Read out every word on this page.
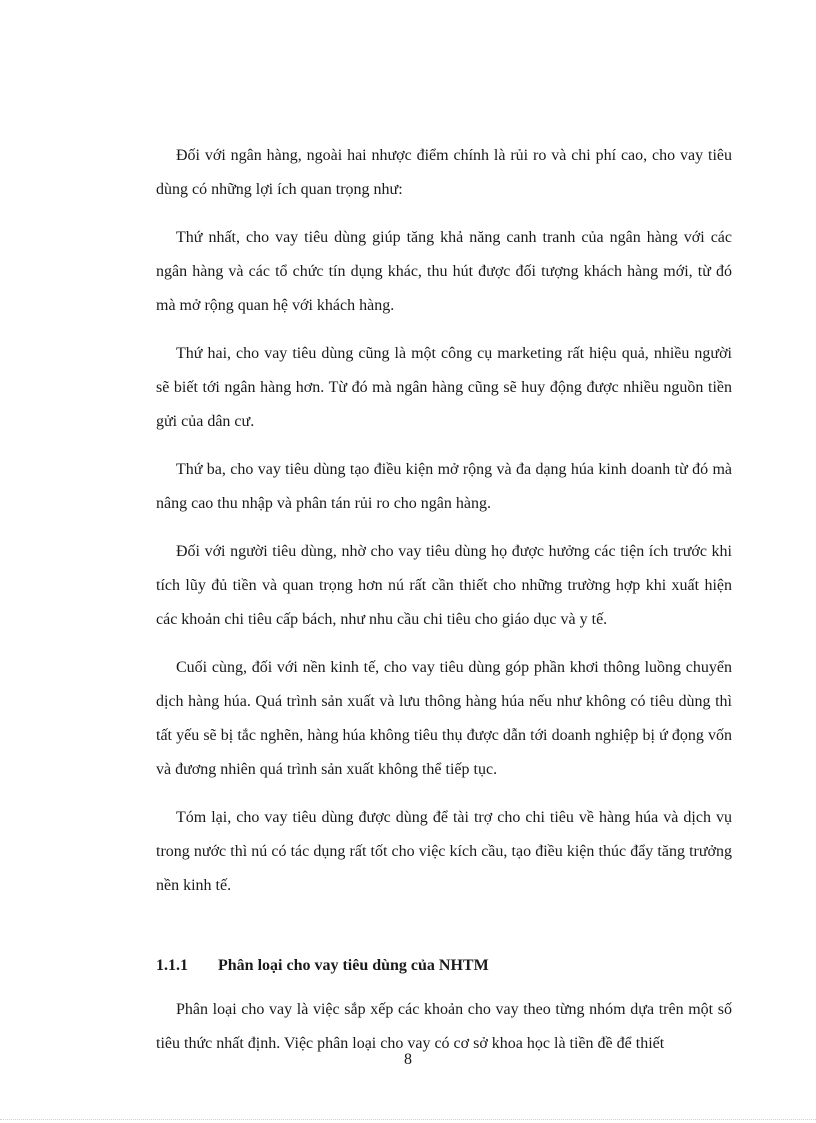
Đối với ngân hàng, ngoài hai nhược điểm chính là rủi ro và chi phí cao, cho vay tiêu dùng có những lợi ích quan trọng như:

Thứ nhất, cho vay tiêu dùng giúp tăng khả năng canh tranh của ngân hàng với các ngân hàng và các tổ chức tín dụng khác, thu hút được đối tượng khách hàng mới, từ đó mà mở rộng quan hệ với khách hàng.

Thứ hai, cho vay tiêu dùng cũng là một công cụ marketing rất hiệu quả, nhiều người sẽ biết tới ngân hàng hơn. Từ đó mà ngân hàng cũng sẽ huy động được nhiều nguồn tiền gửi của dân cư.

Thứ ba, cho vay tiêu dùng tạo điều kiện mở rộng và đa dạng húa kinh doanh từ đó mà nâng cao thu nhập và phân tán rủi ro cho ngân hàng.

Đối với người tiêu dùng, nhờ cho vay tiêu dùng họ được hưởng các tiện ích trước khi tích lũy đủ tiền và quan trọng hơn nú rất cần thiết cho những trường hợp khi xuất hiện các khoản chi tiêu cấp bách, như nhu cầu chi tiêu cho giáo dục và y tế.

Cuối cùng, đối với nền kinh tế, cho vay tiêu dùng góp phần khơi thông luồng chuyển dịch hàng húa. Quá trình sản xuất và lưu thông hàng húa nếu như không có tiêu dùng thì tất yếu sẽ bị tắc nghẽn, hàng húa không tiêu thụ được dẫn tới doanh nghiệp bị ứ đọng vốn và đương nhiên quá trình sản xuất không thể tiếp tục.

Tóm lại, cho vay tiêu dùng được dùng để tài trợ cho chi tiêu về hàng húa và dịch vụ trong nước thì nú có tác dụng rất tốt cho việc kích cầu, tạo điều kiện thúc đẩy tăng trưởng nền kinh tế.

1.1.1 Phân loại cho vay tiêu dùng của NHTM

Phân loại cho vay là việc sắp xếp các khoản cho vay theo từng nhóm dựa trên một số tiêu thức nhất định. Việc phân loại cho vay có cơ sở khoa học là tiền đề để thiết

8
